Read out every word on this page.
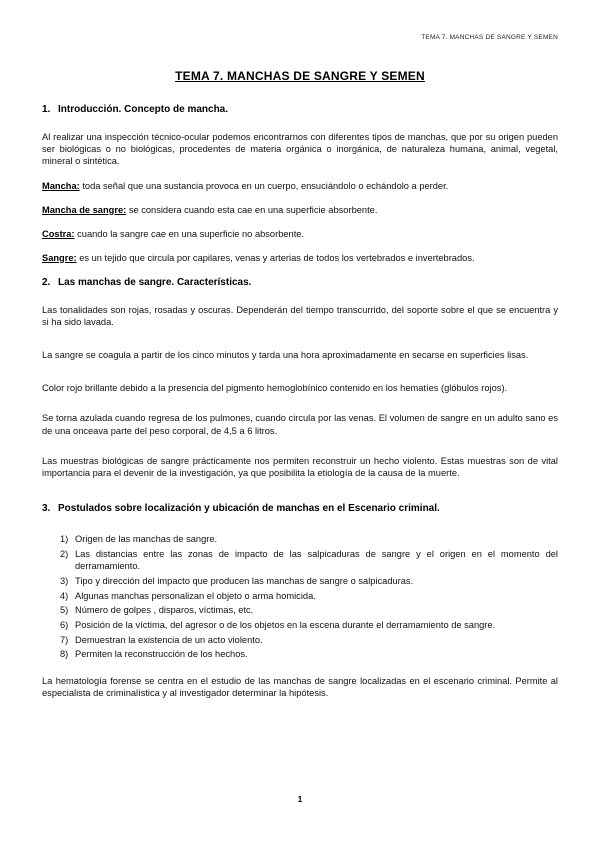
TEMA 7. MANCHAS DE SANGRE Y SEMEN
TEMA 7. MANCHAS DE SANGRE Y SEMEN
1. Introducción. Concepto de mancha.

Al realizar una inspección técnico-ocular podemos encontrarnos con diferentes tipos de manchas, que por su origen pueden ser biológicas o no biológicas, procedentes de materia orgánica o inorgánica, de naturaleza humana, animal, vegetal, mineral o sintética.

Mancha: toda señal que una sustancia provoca en un cuerpo, ensuciándolo o echándolo a perder.

Mancha de sangre: se considera cuando esta cae en una superficie absorbente.

Costra: cuando la sangre cae en una superficie no absorbente.

Sangre: es un tejido que circula por capilares, venas y arterias de todos los vertebrados e invertebrados.

2. Las manchas de sangre. Características.

Las tonalidades son rojas, rosadas y oscuras. Dependerán del tiempo transcurrido, del soporte sobre el que se encuentra y si ha sido lavada.

La sangre se coagula a partir de los cinco minutos y tarda una hora aproximadamente en secarse en superficies lisas.

Color rojo brillante debido a la presencia del pigmento hemoglobínico contenido en los hematíes (glóbulos rojos).

Se torna azulada cuando regresa de los pulmones, cuando circula por las venas. El volumen de sangre en un adulto sano es de una onceava parte del peso corporal, de 4,5 a 6 litros.

Las muestras biológicas de sangre prácticamente nos permiten reconstruir un hecho violento. Estas muestras son de vital importancia para el devenir de la investigación, ya que posibilita la etiología de la causa de la muerte.

3. Postulados sobre localización y ubicación de manchas en el Escenario criminal.
1) Origen de las manchas de sangre.
2) Las distancias entre las zonas de impacto de las salpicaduras de sangre y el origen en el momento del derramamiento.
3) Tipo y dirección del impacto que producen las manchas de sangre o salpicaduras.
4) Algunas manchas personalizan el objeto o arma homicida.
5) Número de golpes , disparos, víctimas, etc.
6) Posición de la víctima, del agresor o de los objetos en la escena durante el derramamiento de sangre.
7) Demuestran la existencia de un acto violento.
8) Permiten la reconstrucción de los hechos.

La hematología forense se centra en el estudio de las manchas de sangre localizadas en el escenario criminal. Permite al especialista de criminalística y al investigador determinar la hipótesis.

1
